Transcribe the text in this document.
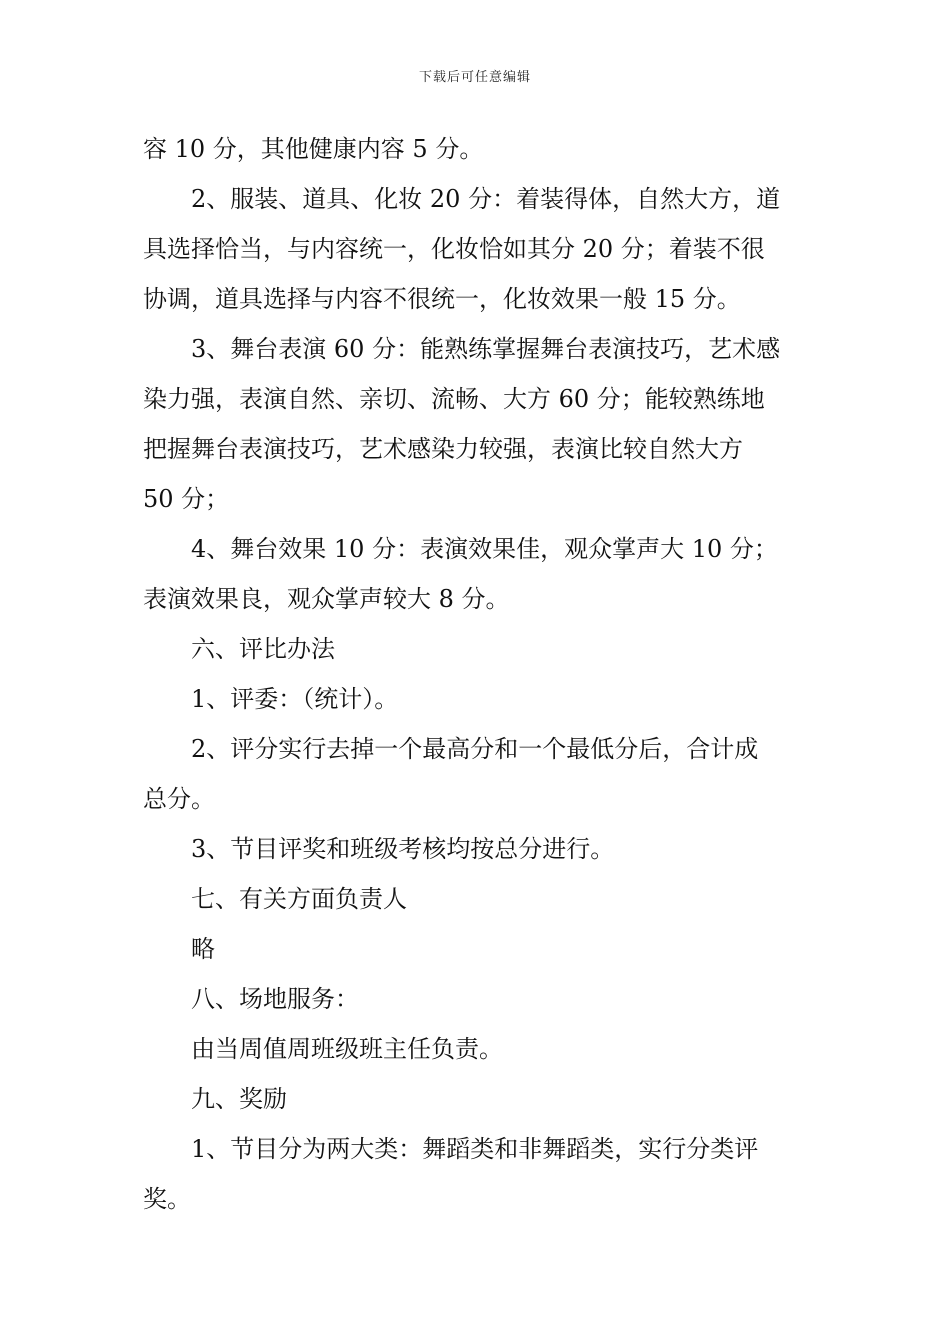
下载后可任意编辑
容 10 分，其他健康内容 5 分。
2、服装、道具、化妆 20 分：着装得体，自然大方，道
具选择恰当，与内容统一，化妆恰如其分 20 分；着装不很
协调，道具选择与内容不很统一，化妆效果一般 15 分。
3、舞台表演 60 分：能熟练掌握舞台表演技巧，艺术感
染力强，表演自然、亲切、流畅、大方 60 分；能较熟练地
把握舞台表演技巧，艺术感染力较强，表演比较自然大方
50 分；
4、舞台效果 10 分：表演效果佳，观众掌声大 10 分；
表演效果良，观众掌声较大 8 分。
六、评比办法
1、评委：（统计）。
2、评分实行去掉一个最高分和一个最低分后，合计成
总分。
3、节目评奖和班级考核均按总分进行。
七、有关方面负责人
略
八、场地服务：
由当周值周班级班主任负责。
九、奖励
1、节目分为两大类：舞蹈类和非舞蹈类，实行分类评
奖。
